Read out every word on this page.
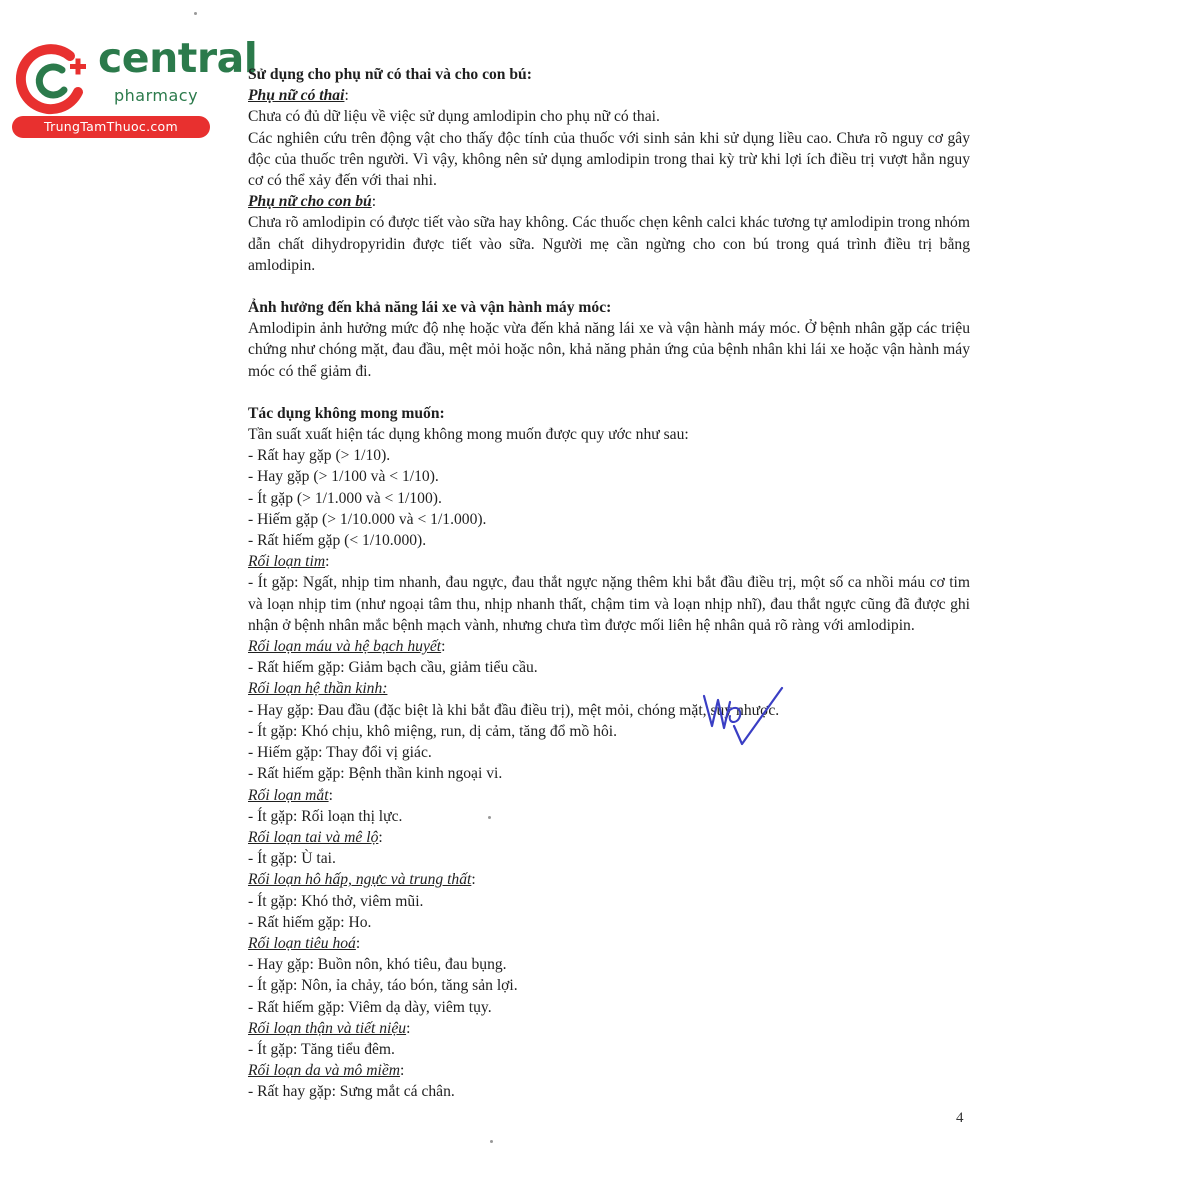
central
pharmacy
TrungTamThuoc.com

Sử dụng cho phụ nữ có thai và cho con bú:

Phụ nữ có thai:

Chưa có đủ dữ liệu về việc sử dụng amlodipin cho phụ nữ có thai.

Các nghiên cứu trên động vật cho thấy độc tính của thuốc với sinh sản khi sử dụng liều cao. Chưa rõ nguy cơ gây độc của thuốc trên người. Vì vậy, không nên sử dụng amlodipin trong thai kỳ trừ khi lợi ích điều trị vượt hẳn nguy cơ có thể xảy đến với thai nhi.

Phụ nữ cho con bú:

Chưa rõ amlodipin có được tiết vào sữa hay không. Các thuốc chẹn kênh calci khác tương tự amlodipin trong nhóm dẫn chất dihydropyridin được tiết vào sữa. Người mẹ cần ngừng cho con bú trong quá trình điều trị bằng amlodipin.

Ảnh hưởng đến khả năng lái xe và vận hành máy móc:

Amlodipin ảnh hưởng mức độ nhẹ hoặc vừa đến khả năng lái xe và vận hành máy móc. Ở bệnh nhân gặp các triệu chứng như chóng mặt, đau đầu, mệt mỏi hoặc nôn, khả năng phản ứng của bệnh nhân khi lái xe hoặc vận hành máy móc có thể giảm đi.

Tác dụng không mong muốn:

Tần suất xuất hiện tác dụng không mong muốn được quy ước như sau:

- Rất hay gặp (> 1/10).

- Hay gặp (> 1/100 và < 1/10).

- Ít gặp (> 1/1.000 và < 1/100).

- Hiếm gặp (> 1/10.000 và < 1/1.000).

- Rất hiếm gặp (< 1/10.000).

Rối loạn tim:

- Ít gặp: Ngất, nhịp tim nhanh, đau ngực, đau thắt ngực nặng thêm khi bắt đầu điều trị, một số ca nhồi máu cơ tim và loạn nhịp tim (như ngoại tâm thu, nhịp nhanh thất, chậm tim và loạn nhịp nhĩ), đau thắt ngực cũng đã được ghi nhận ở bệnh nhân mắc bệnh mạch vành, nhưng chưa tìm được mối liên hệ nhân quả rõ ràng với amlodipin.

Rối loạn máu và hệ bạch huyết:

- Rất hiếm gặp: Giảm bạch cầu, giảm tiểu cầu.

Rối loạn hệ thần kinh:

- Hay gặp: Đau đầu (đặc biệt là khi bắt đầu điều trị), mệt mỏi, chóng mặt, suy nhược.

- Ít gặp: Khó chịu, khô miệng, run, dị cảm, tăng đổ mồ hôi.

- Hiếm gặp: Thay đổi vị giác.

- Rất hiếm gặp: Bệnh thần kinh ngoại vi.

Rối loạn mắt:

- Ít gặp: Rối loạn thị lực.

Rối loạn tai và mê lộ:

- Ít gặp: Ù tai.

Rối loạn hô hấp, ngực và trung thất:

- Ít gặp: Khó thở, viêm mũi.

- Rất hiếm gặp: Ho.

Rối loạn tiêu hoá:

- Hay gặp: Buồn nôn, khó tiêu, đau bụng.

- Ít gặp: Nôn, ỉa chảy, táo bón, tăng sản lợi.

- Rất hiếm gặp: Viêm dạ dày, viêm tụy.

Rối loạn thận và tiết niệu:

- Ít gặp: Tăng tiểu đêm.

Rối loạn da và mô miềm:

- Rất hay gặp: Sưng mắt cá chân.

4
